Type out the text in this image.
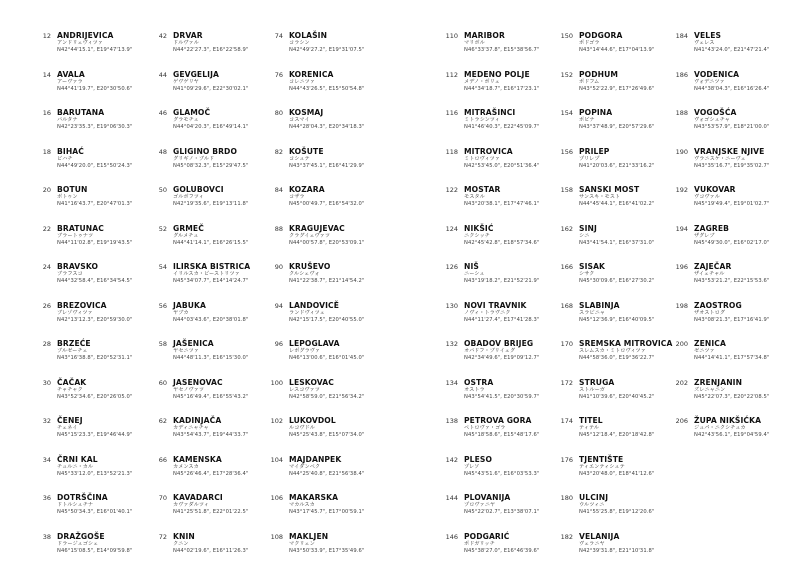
12 ANDRIJEVICA
アンドリェヴィツァ
N42°44'15.1", E19°47'13.9"
14 AVALA
アーヴァラ
N44°41'19.7", E20°30'50.6"
16 BARUTANA
バルタナ
N42°23'35.3", E19°06'30.3"
18 BIHAĆ
ビハチ
N44°49'20.0", E15°50'24.3"
20 BOTUN
ボトゥン
N41°16'43.7", E20°47'01.3"
22 BRATUNAC
ブラートゥナツ
N44°11'02.8", E19°19'43.5"
24 BRAVSKO
ブラフスコ
N44°32'58.4", E16°34'54.5"
26 BREZOVICA
ブレゾヴィツァ
N42°13'12.3", E20°59'30.0"
28 BRZEĆE
ブルゼーチェ
N43°16'38.8", E20°52'31.1"
30 ČAČAK
チャチャク
N43°52'34.6", E20°26'05.0"
32 ČENEJ
チェネイ
N45°15'23.3", E19°46'44.9"
34 ČRNI KAL
チュルニ・カル
N45°33'12.0", E13°52'21.3"
36 DOTRŠČINA
ドトルシュチナ
N45°50'34.3", E16°01'40.1"
38 DRAŽGOŠE
ドラージュゴシェ
N46°15'08.5", E14°09'59.8"
42 DRVAR
ドルヴァル
N44°22'27.3", E16°22'58.9"
44 GEVGELIJA
ゲヴゲリヤ
N41°09'29.6", E22°30'02.1"
46 GLAMOČ
グラモチュ
N44°04'20.3", E16°49'14.1"
48 GLIGINO BRDO
グリギノ・ブルド
N45°08'32.3", E15°29'47.5"
50 GOLUBOVCI
ゴルボフツィ
N42°19'35.6", E19°13'11.8"
52 GRMEČ
グルメチュ
N44°41'14.1", E16°26'15.5"
54 ILIRSKA BISTRICA
イリルスカ・ビーストリツァ
N45°34'07.7", E14°14'24.7"
56 JABUKA
ヤブカ
N44°03'43.6", E20°38'01.8"
58 JAŠENICA
ヤセニツァ
N44°48'11.3", E16°15'30.0"
60 JASENOVAC
ヤセノヴァツ
N45°16'49.4", E16°55'43.2"
62 KADINJAČA
カディニャチャ
N43°54'43.7", E19°44'33.7"
66 KAMENSKA
カメンスカ
N45°26'46.4", E17°28'36.4"
70 KAVADARCI
カヴァダルツィ
N41°25'51.8", E22°01'22.5"
72 KNIN
クニン
N44°02'19.6", E16°11'26.3"
74 KOLAŠIN
コラシン
N42°49'27.2", E19°31'07.5"
76 KORENICA
コレニツァ
N44°43'26.5", E15°50'54.8"
80 KOSMAJ
コスマイ
N44°28'04.3", E20°34'18.3"
82 KOŠUTE
コシュテ
N43°37'45.1", E16°41'29.9"
84 KOZARA
コザラ
N45°00'49.7", E16°54'32.0"
88 KRAGUJEVAC
クラグイェヴァツ
N44°00'57.8", E20°53'09.1"
90 KRUŠEVO
クルシェヴォ
N41°22'38.7", E21°14'54.2"
94 LANDOVICĚ
ランドヴィツェ
N42°15'17.5", E20°40'55.0"
96 LEPOGLAVA
レポグラヴァ
N46°13'00.6", E16°01'45.0"
100 LESKOVAC
レスコヴァツ
N42°58'59.0", E21°56'34.2"
102 LUKOVDOL
ルコヴドル
N45°25'43.8", E15°07'34.0"
104 MAJDANPEK
マイダンペク
N44°25'40.8", E21°56'38.4"
106 MAKARSKA
マカルスカ
N43°17'45.7", E17°00'59.1"
108 MAKLJEN
マクリェン
N43°50'33.9", E17°35'49.6"
110 MARIBOR
マリボル
N46°33'37.8", E15°38'56.7"
112 MEDENO POLJE
メデノ・ポリェ
N44°34'18.7", E16°17'23.1"
116 MITRAŠINCI
ミトラシンツィ
N41°46'40.3", E22°45'09.7"
118 MITROVICA
ミトロヴィツァ
N42°53'45.0", E20°51'36.4"
122 MOSTAR
モスタル
N43°20'38.1", E17°47'46.1"
124 NIKŠIĆ
ニクシッチ
N42°45'42.8", E18°57'34.6"
126 NIŠ
ニーシュ
N43°19'18.2", E21°52'21.9"
130 NOVI TRAVNIK
ノヴィ・トラヴニク
N44°11'27.4", E17°41'28.3"
132 OBADOV BRIJEG
オバドフ・ブリイェグ
N42°34'49.6", E19°09'12.7"
134 OSTRA
オストラ
N43°54'41.5", E20°30'59.7"
138 PETROVA GORA
ペトロヴァ・ゴラ
N45°18'58.6", E15°48'17.6"
142 PLESO
プレソ
N45°43'51.6", E16°03'53.3"
144 PLOVANIJA
プロヴァニヤ
N45°22'02.7", E13°38'07.1"
146 PODGARIĆ
ポドガリッチ
N45°38'27.0", E16°46'39.6"
150 PODGORA
ポドゴラ
N43°14'44.6", E17°04'13.9"
152 PODHUM
ポドフム
N43°52'22.9", E17°26'49.6"
154 POPINA
ポピナ
N43°37'48.9", E20°57'29.6"
156 PRILEP
プリレプ
N41°20'03.6", E21°33'16.2"
158 SANSKI MOST
サンスキ・モスト
N44°45'44.1", E16°41'02.2"
162 SINJ
シニ
N43°41'54.1", E16°37'31.0"
166 SISAK
シサク
N45°30'09.6", E16°27'30.2"
168 SLABINJA
スラビニャ
N45°12'36.9", E16°40'09.5"
170 SREMSKA MITROVICA
スレムスカ・ミトロヴィツァ
N44°58'36.0", E19°36'22.7"
172 STRUGA
ストルーガ
N41°10'39.6", E20°40'45.2"
174 TITEL
ティテル
N45°12'18.4", E20°18'42.8"
176 TJENTIŠTE
ティエンティシュテ
N43°20'48.0", E18°41'12.6"
180 ULCINJ
ウルツィニ
N41°55'25.8", E19°12'20.6"
182 VELANIJA
ヴェラニヤ
N42°39'31.8", E21°10'31.8"
184 VELES
ヴェレス
N41°43'24.0", E21°47'21.4"
186 VODENICA
ヴォデニツァ
N44°38'04.3", E16°16'26.4"
188 VOGOŠĆA
ヴォゴシュチャ
N43°53'57.9", E18°21'00.0"
190 VRANJSKE NJIVE
ヴラニスケ・ニーヴェ
N43°35'16.7", E19°35'02.7"
192 VUKOVAR
ヴコヴァル
N45°19'49.4", E19°01'02.7"
194 ZAGREB
ザグレブ
N45°49'30.0", E16°02'17.0"
196 ZAJEČAR
ザイェチャル
N43°53'21.2", E22°15'53.6"
198 ZAOSTROG
ザオストログ
N43°08'21.3", E17°16'41.9"
200 ZENICA
ゼニツァ
N44°14'41.1", E17°57'34.8"
202 ZRENJANIN
ズレニャニン
N45°22'07.3", E20°22'08.5"
206 ŽUPA NIKŠIĆKA
ジュパ・ニクシチュカ
N42°43'56.1", E19°04'59.4"
